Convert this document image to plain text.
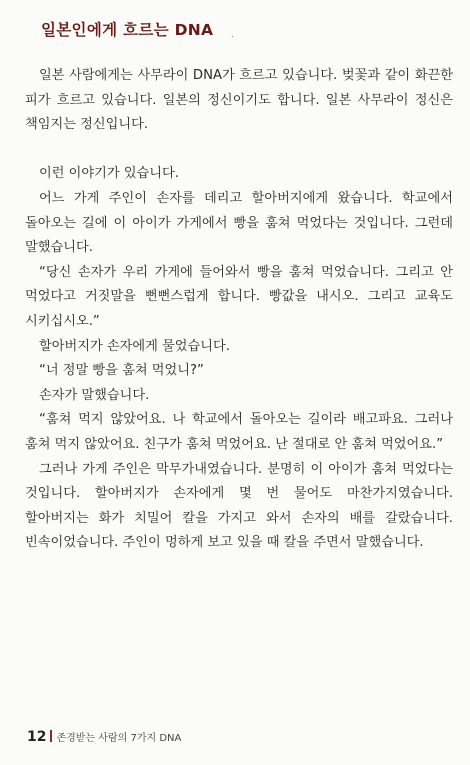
일본인에게 흐르는 DNA .

일본 사람에게는 사무라이 DNA가 흐르고 있습니다. 벚꽃과 같이 화끈한 피가 흐르고 있습니다. 일본의 정신이기도 합니다. 일본 사무라이 정신은 책임지는 정신입니다.

이런 이야기가 있습니다.

어느 가게 주인이 손자를 데리고 할아버지에게 왔습니다. 학교에서 돌아오는 길에 이 아이가 가게에서 빵을 훔쳐 먹었다는 것입니다. 그런데 말했습니다.

“당신 손자가 우리 가게에 들어와서 빵을 훔쳐 먹었습니다. 그리고 안 먹었다고 거짓말을 뻔뻔스럽게 합니다. 빵값을 내시오. 그리고 교육도 시키십시오.”

할아버지가 손자에게 물었습니다.

“너 정말 빵을 훔쳐 먹었니?”

손자가 말했습니다.

“훔쳐 먹지 않았어요. 나 학교에서 돌아오는 길이라 배고파요. 그러나 훔쳐 먹지 않았어요. 친구가 훔쳐 먹었어요. 난 절대로 안 훔쳐 먹었어요.”

그러나 가게 주인은 막무가내였습니다. 분명히 이 아이가 훔쳐 먹었다는 것입니다. 할아버지가 손자에게 몇 번 물어도 마찬가지였습니다. 할아버지는 화가 치밀어 칼을 가지고 와서 손자의 배를 갈랐습니다. 빈속이었습니다. 주인이 멍하게 보고 있을 때 칼을 주면서 말했습니다.

12 존경받는 사람의 7가지 DNA
